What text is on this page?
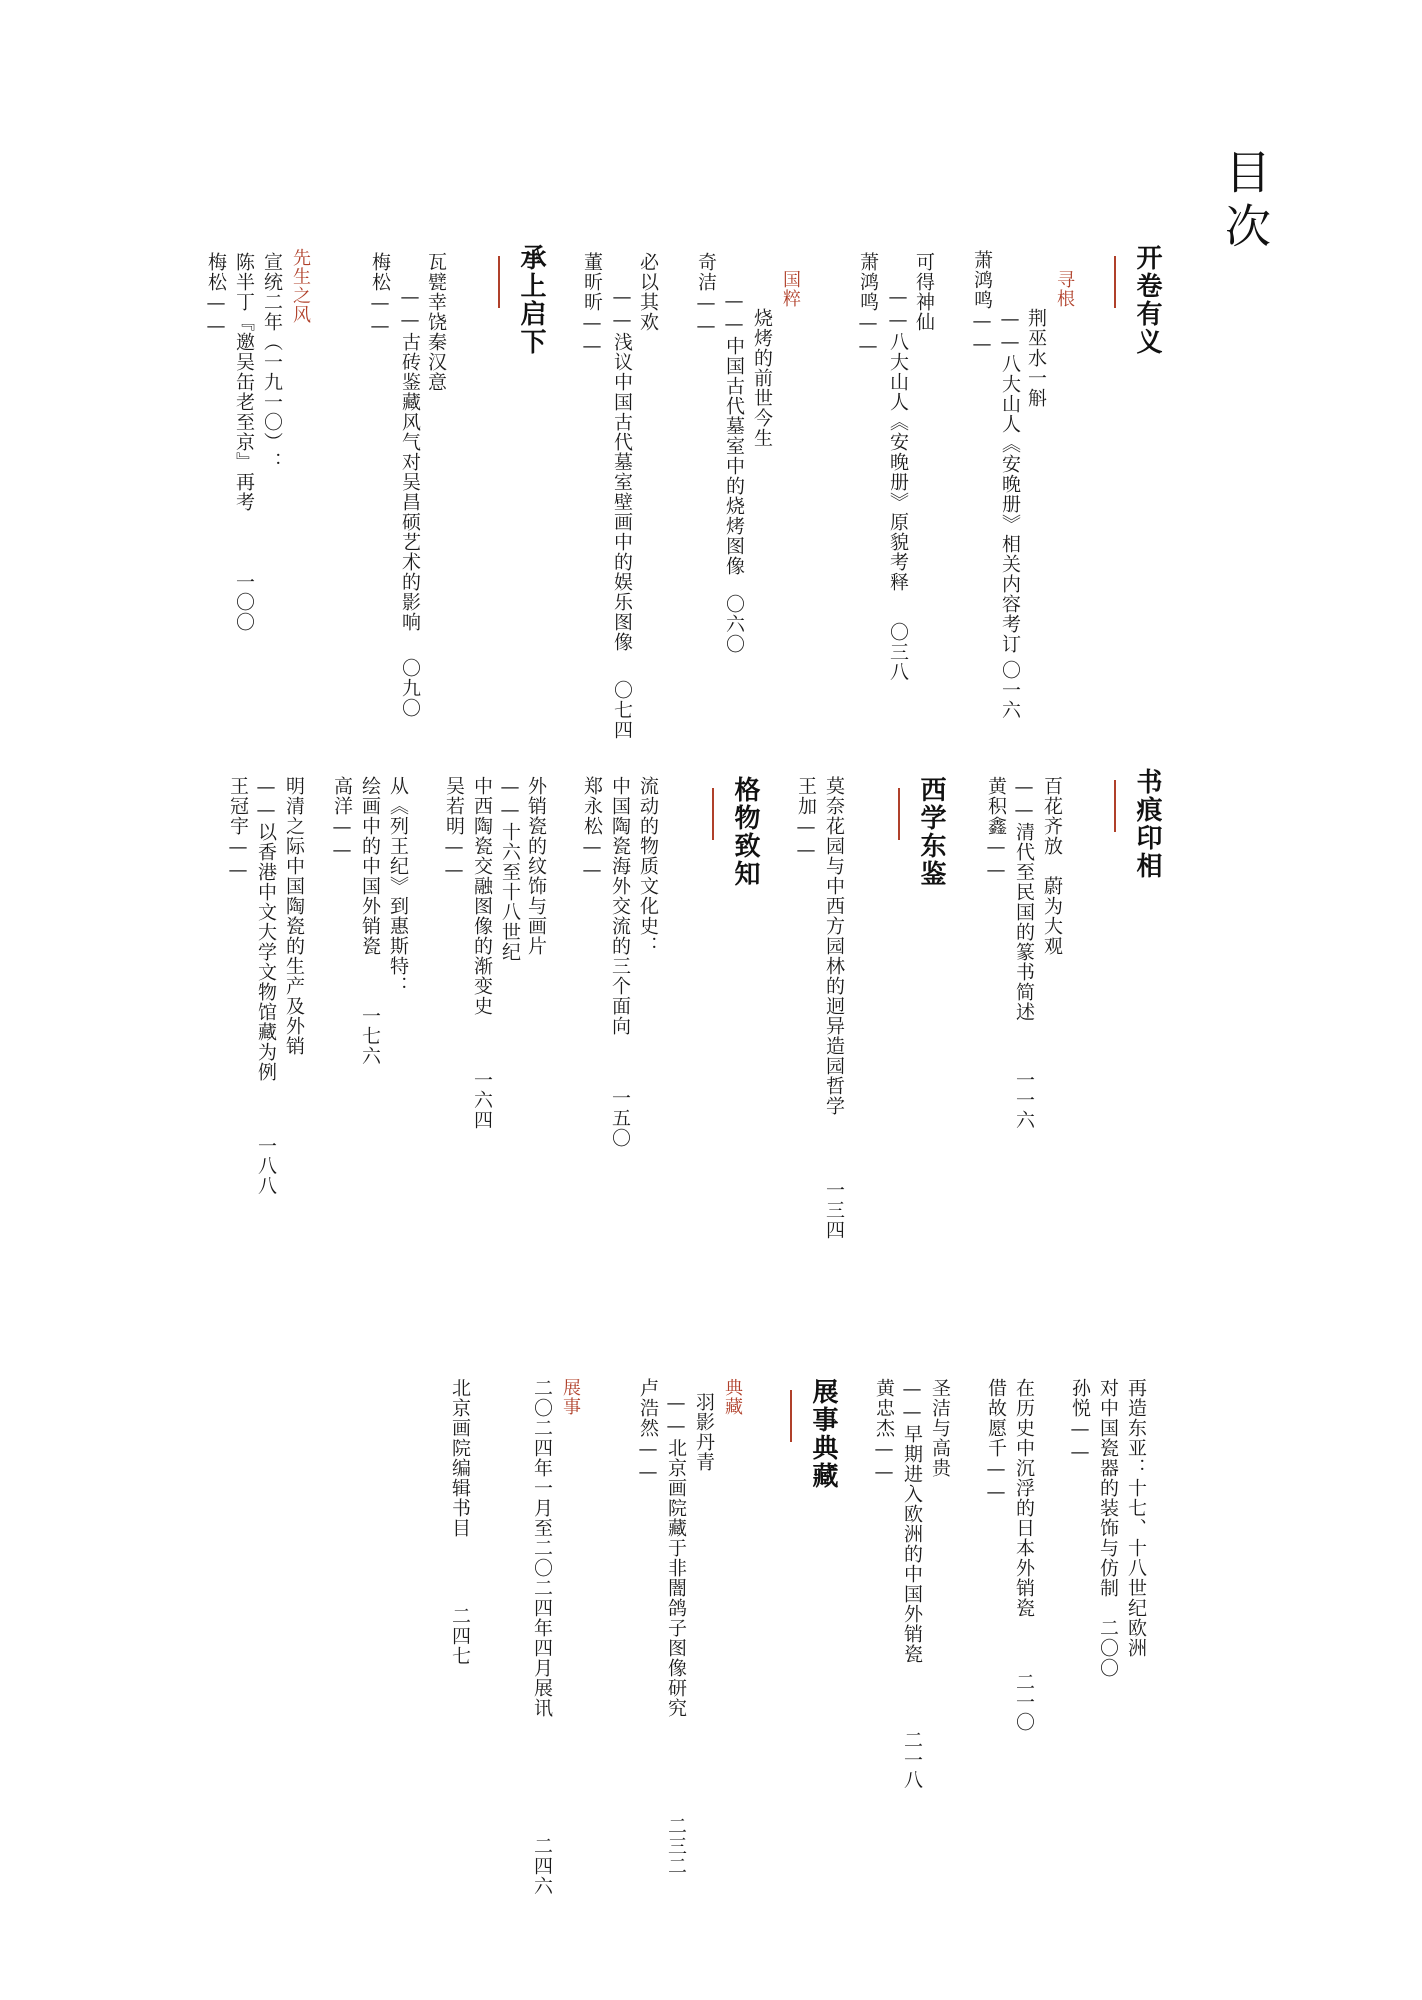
目次
开卷有义
寻根
荆巫水一斛
——八大山人《安晚册》相关内容考订
萧鸿鸣——
〇一六
可得神仙
——八大山人《安晚册》原貌考释
萧鸿鸣——
〇三八
国粹
烧烤的前世今生
——中国古代墓室中的烧烤图像
奇洁——
〇六〇
必以其欢
——浅议中国古代墓室壁画中的娱乐图像
董昕昕——
〇七四
承上启下
瓦甓幸饶秦汉意
——古砖鉴藏风气对吴昌硕艺术的影响
梅松——
〇九〇
先生之风
宣统二年（一九一〇）：
陈半丁『邀吴缶老至京』再考
梅松——
一〇〇
书痕印相
百花齐放　蔚为大观
——清代至民国的篆书简述
黄积鑫——
一一六
西学东鉴
莫奈花园与中西方园林的迥异造园哲学
王加——
一三四
格物致知
流动的物质文化史：
中国陶瓷海外交流的三个面向
郑永松——
一五〇
外销瓷的纹饰与画片
——十六至十八世纪
中西陶瓷交融图像的渐变史
吴若明——
一六四
从《列王纪》到惠斯特：
绘画中的中国外销瓷
高洋——
一七六
明清之际中国陶瓷的生产及外销
——以香港中文大学文物馆藏为例
王冠宇——
一八八
再造东亚：十七、十八世纪欧洲
对中国瓷器的装饰与仿制
孙悦——
二〇〇
在历史中沉浮的日本外销瓷
借故愿千——
二一〇
圣洁与高贵
——早期进入欧洲的中国外销瓷
黄忠杰——
二一八
展事典藏
典藏
羽影丹青
——北京画院藏于非闇鸽子图像研究
卢浩然——
二三二
展事
二〇二四年一月至二〇二四年四月展讯
二四六
北京画院编辑书目
二四七
